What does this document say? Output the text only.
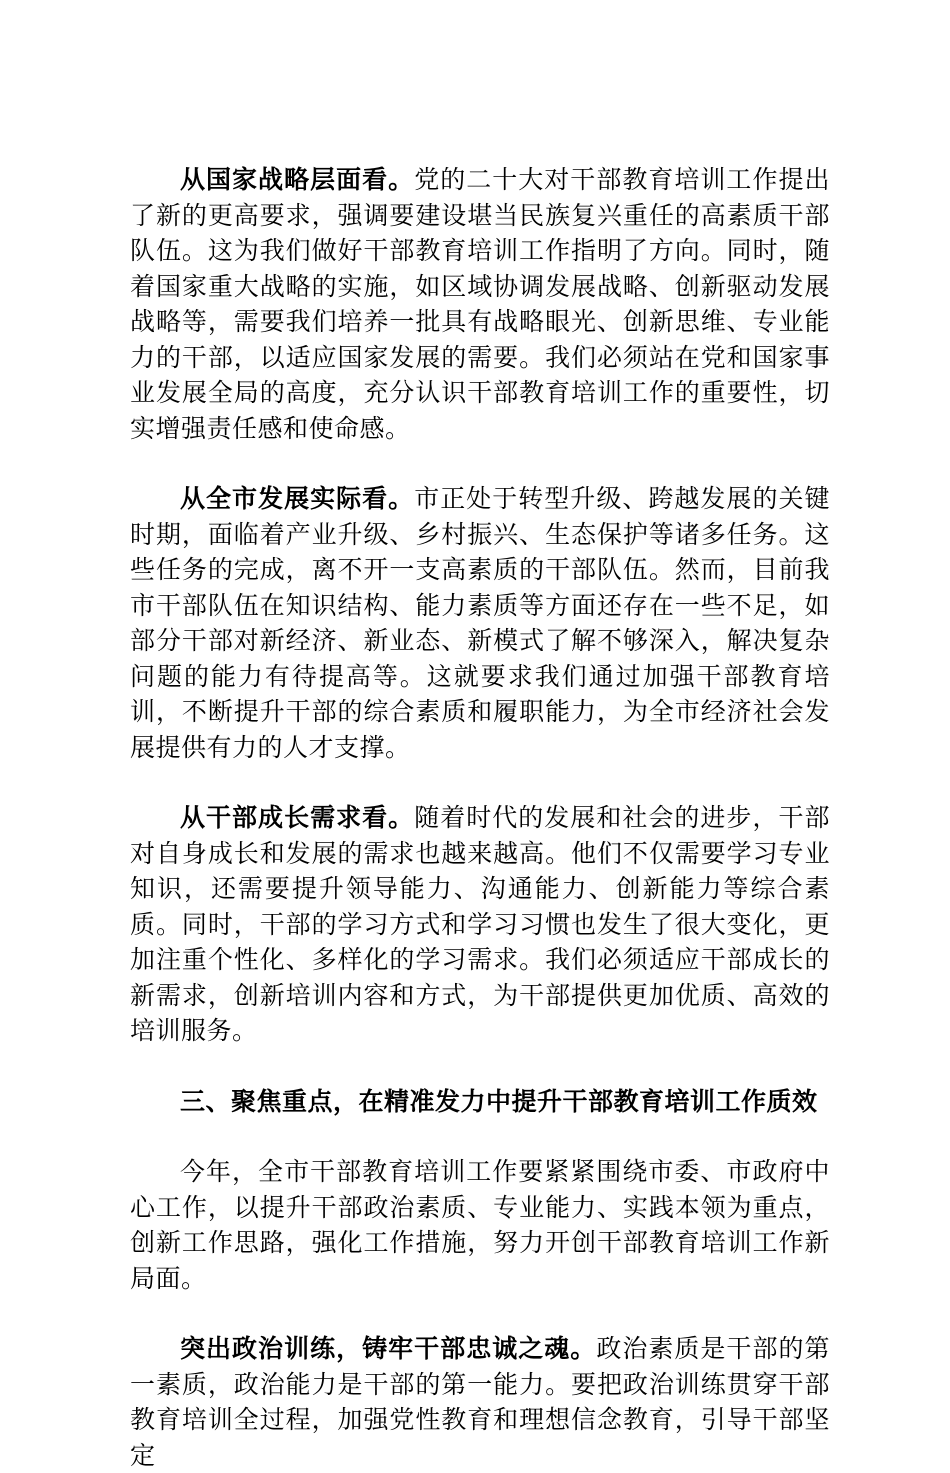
从国家战略层面看。党的二十大对干部教育培训工作提出了新的更高要求，强调要建设堪当民族复兴重任的高素质干部队伍。这为我们做好干部教育培训工作指明了方向。同时，随着国家重大战略的实施，如区域协调发展战略、创新驱动发展战略等，需要我们培养一批具有战略眼光、创新思维、专业能力的干部，以适应国家发展的需要。我们必须站在党和国家事业发展全局的高度，充分认识干部教育培训工作的重要性，切实增强责任感和使命感。

从全市发展实际看。市正处于转型升级、跨越发展的关键时期，面临着产业升级、乡村振兴、生态保护等诸多任务。这些任务的完成，离不开一支高素质的干部队伍。然而，目前我市干部队伍在知识结构、能力素质等方面还存在一些不足，如部分干部对新经济、新业态、新模式了解不够深入，解决复杂问题的能力有待提高等。这就要求我们通过加强干部教育培训，不断提升干部的综合素质和履职能力，为全市经济社会发展提供有力的人才支撑。

从干部成长需求看。随着时代的发展和社会的进步，干部对自身成长和发展的需求也越来越高。他们不仅需要学习专业知识，还需要提升领导能力、沟通能力、创新能力等综合素质。同时，干部的学习方式和学习习惯也发生了很大变化，更加注重个性化、多样化的学习需求。我们必须适应干部成长的新需求，创新培训内容和方式，为干部提供更加优质、高效的培训服务。

三、聚焦重点，在精准发力中提升干部教育培训工作质效

今年，全市干部教育培训工作要紧紧围绕市委、市政府中心工作，以提升干部政治素质、专业能力、实践本领为重点，创新工作思路，强化工作措施，努力开创干部教育培训工作新局面。

突出政治训练，铸牢干部忠诚之魂。政治素质是干部的第一素质，政治能力是干部的第一能力。要把政治训练贯穿干部教育培训全过程，加强党性教育和理想信念教育，引导干部坚定
